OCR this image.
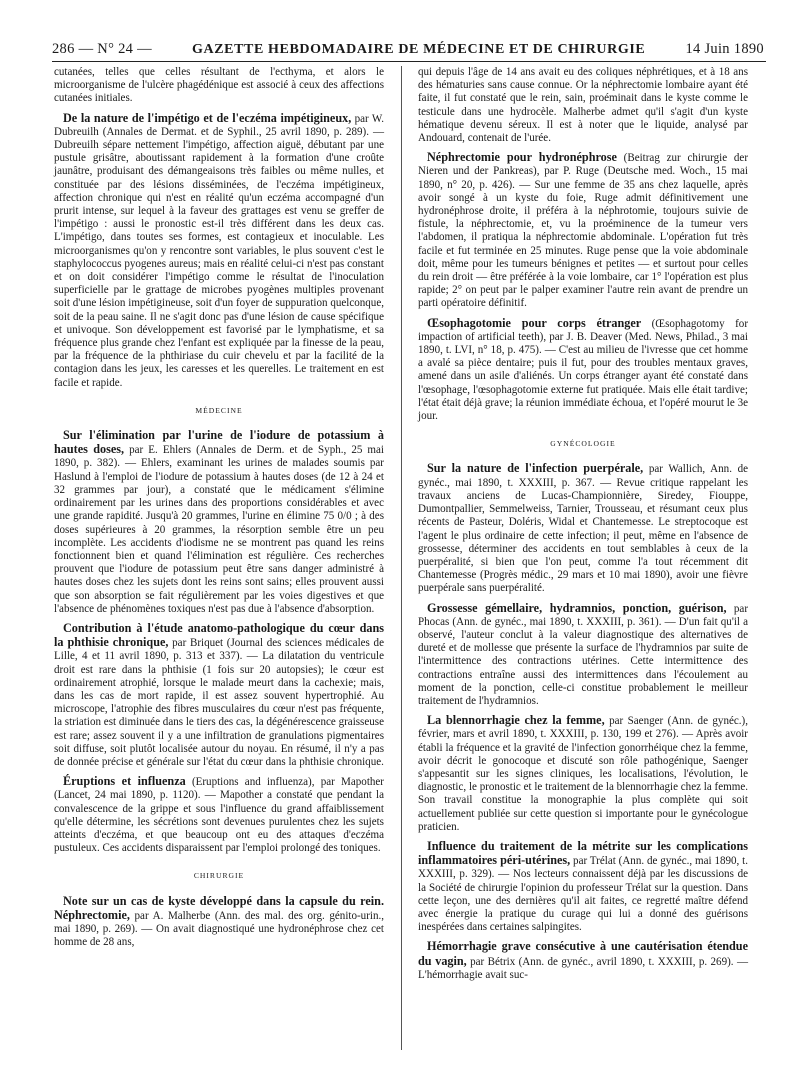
286 — N° 24 —	GAZETTE HEBDOMADAIRE DE MÉDECINE ET DE CHIRURGIE	14 Juin 1890

cutanées, telles que celles résultant de l'ecthyma, et alors le microorganisme de l'ulcère phagédénique est associé à ceux des affections cutanées initiales.

De la nature de l'impétigo et de l'eczéma impétigineux, par W. Dubreuilh (Annales de Dermat. et de Syphil., 25 avril 1890, p. 289). — Dubreuilh sépare nettement l'impétigo, affection aiguë, débutant par une pustule grisâtre, aboutissant rapidement à la formation d'une croûte jaunâtre, produisant des démangeaisons très faibles ou même nulles, et constituée par des lésions disséminées, de l'eczéma impétigineux, affection chronique qui n'est en réalité qu'un eczéma accompagné d'un prurit intense, sur lequel à la faveur des grattages est venu se greffer de l'impétigo : aussi le pronostic est-il très différent dans les deux cas. L'impétigo, dans toutes ses formes, est contagieux et inoculable. Les microorganismes qu'on y rencontre sont variables, le plus souvent c'est le staphylococcus pyogenes aureus; mais en réalité celui-ci n'est pas constant et on doit considérer l'impétigo comme le résultat de l'inoculation superficielle par le grattage de microbes pyogènes multiples provenant soit d'une lésion impétigineuse, soit d'un foyer de suppuration quelconque, soit de la peau saine. Il ne s'agit donc pas d'une lésion de cause spécifique et univoque. Son développement est favorisé par le lymphatisme, et sa fréquence plus grande chez l'enfant est expliquée par la finesse de la peau, par la fréquence de la phthiriase du cuir chevelu et par la facilité de la contagion dans les jeux, les caresses et les querelles. Le traitement en est facile et rapide.

MÉDECINE

Sur l'élimination par l'urine de l'iodure de potassium à hautes doses, par E. Ehlers (Annales de Derm. et de Syph., 25 mai 1890, p. 382). — Ehlers, examinant les urines de malades soumis par Haslund à l'emploi de l'iodure de potassium à hautes doses (de 12 à 24 et 32 grammes par jour), a constaté que le médicament s'élimine ordinairement par les urines dans des proportions considérables et avec une grande rapidité. Jusqu'à 20 grammes, l'urine en élimine 75 0/0 ; à des doses supérieures à 20 grammes, la résorption semble être un peu incomplète. Les accidents d'iodisme ne se montrent pas quand les reins fonctionnent bien et quand l'élimination est régulière. Ces recherches prouvent que l'iodure de potassium peut être sans danger administré à hautes doses chez les sujets dont les reins sont sains; elles prouvent aussi que son absorption se fait régulièrement par les voies digestives et que l'absence de phénomènes toxiques n'est pas due à l'absence d'absorption.

Contribution à l'étude anatomo-pathologique du cœur dans la phthisie chronique, par Briquet (Journal des sciences médicales de Lille, 4 et 11 avril 1890, p. 313 et 337). — La dilatation du ventricule droit est rare dans la phthisie (1 fois sur 20 autopsies); le cœur est ordinairement atrophié, lorsque le malade meurt dans la cachexie; mais, dans les cas de mort rapide, il est assez souvent hypertrophié. Au microscope, l'atrophie des fibres musculaires du cœur n'est pas fréquente, la striation est diminuée dans le tiers des cas, la dégénérescence graisseuse est rare; assez souvent il y a une infiltration de granulations pigmentaires soit diffuse, soit plutôt localisée autour du noyau. En résumé, il n'y a pas de donnée précise et générale sur l'état du cœur dans la phthisie chronique.

Éruptions et influenza (Eruptions and influenza), par Mapother (Lancet, 24 mai 1890, p. 1120). — Mapother a constaté que pendant la convalescence de la grippe et sous l'influence du grand affaiblissement qu'elle détermine, les sécrétions sont devenues purulentes chez les sujets atteints d'eczéma, et que beaucoup ont eu des attaques d'eczéma pustuleux. Ces accidents disparaissent par l'emploi prolongé des toniques.

CHIRURGIE

Note sur un cas de kyste développé dans la capsule du rein. Néphrectomie, par A. Malherbe (Ann. des mal. des org. génito-urin., mai 1890, p. 269). — On avait diagnostiqué une hydronéphrose chez cet homme de 28 ans,

qui depuis l'âge de 14 ans avait eu des coliques néphrétiques, et à 18 ans des hématuries sans cause connue. Or la néphrectomie lombaire ayant été faite, il fut constaté que le rein, sain, proéminait dans le kyste comme le testicule dans une hydrocèle. Malherbe admet qu'il s'agit d'un kyste hématique devenu séreux. Il est à noter que le liquide, analysé par Andouard, contenait de l'urée.

Néphrectomie pour hydronéphrose (Beitrag zur chirurgie der Nieren und der Pankreas), par P. Ruge (Deutsche med. Woch., 15 mai 1890, n° 20, p. 426). — Sur une femme de 35 ans chez laquelle, après avoir songé à un kyste du foie, Ruge admit définitivement une hydronéphrose droite, il préféra à la néphrotomie, toujours suivie de fistule, la néphrectomie, et, vu la proéminence de la tumeur vers l'abdomen, il pratiqua la néphrectomie abdominale. L'opération fut très facile et fut terminée en 25 minutes. Ruge pense que la voie abdominale doit, même pour les tumeurs bénignes et petites — et surtout pour celles du rein droit — être préférée à la voie lombaire, car 1° l'opération est plus rapide; 2° on peut par le palper examiner l'autre rein avant de prendre un parti opératoire définitif.

Œsophagotomie pour corps étranger (Œsophagotomy for impaction of artificial teeth), par J. B. Deaver (Med. News, Philad., 3 mai 1890, t. LVI, n° 18, p. 475). — C'est au milieu de l'ivresse que cet homme a avalé sa pièce dentaire; puis il fut, pour des troubles mentaux graves, amené dans un asile d'aliénés. Un corps étranger ayant été constaté dans l'œsophage, l'œsophagotomie externe fut pratiquée. Mais elle était tardive; l'état était déjà grave; la réunion immédiate échoua, et l'opéré mourut le 3e jour.

GYNÉCOLOGIE

Sur la nature de l'infection puerpérale, par Wallich, Ann. de gynéc., mai 1890, t. XXXIII, p. 367. — Revue critique rappelant les travaux anciens de Lucas-Championnière, Siredey, Fiouppe, Dumontpallier, Semmelweiss, Tarnier, Trousseau, et résumant ceux plus récents de Pasteur, Doléris, Widal et Chantemesse. Le streptocoque est l'agent le plus ordinaire de cette infection; il peut, même en l'absence de grossesse, déterminer des accidents en tout semblables à ceux de la puerpéralité, si bien que l'on peut, comme l'a tout récemment dit Chantemesse (Progrès médic., 29 mars et 10 mai 1890), avoir une fièvre puerpérale sans puerpéralité.

Grossesse gémellaire, hydramnios, ponction, guérison, par Phocas (Ann. de gynéc., mai 1890, t. XXXIII, p. 361). — D'un fait qu'il a observé, l'auteur conclut à la valeur diagnostique des alternatives de dureté et de mollesse que présente la surface de l'hydramnios par suite de l'intermittence des contractions utérines. Cette intermittence des contractions entraîne aussi des intermittences dans l'écoulement au moment de la ponction, celle-ci constitue probablement le meilleur traitement de l'hydramnios.

La blennorrhagie chez la femme, par Saenger (Ann. de gynéc.), février, mars et avril 1890, t. XXXIII, p. 130, 199 et 276). — Après avoir établi la fréquence et la gravité de l'infection gonorrhéique chez la femme, avoir décrit le gonocoque et discuté son rôle pathogénique, Saenger s'appesantit sur les signes cliniques, les localisations, l'évolution, le diagnostic, le pronostic et le traitement de la blennorrhagie chez la femme. Son travail constitue la monographie la plus complète qui soit actuellement publiée sur cette question si importante pour le gynécologue praticien.

Influence du traitement de la métrite sur les complications inflammatoires péri-utérines, par Trélat (Ann. de gynéc., mai 1890, t. XXXIII, p. 329). — Nos lecteurs connaissent déjà par les discussions de la Société de chirurgie l'opinion du professeur Trélat sur la question. Dans cette leçon, une des dernières qu'il ait faites, ce regretté maître défend avec énergie la pratique du curage qui lui a donné des guérisons inespérées dans certaines salpingites.

Hémorrhagie grave consécutive à une cautérisation étendue du vagin, par Bétrix (Ann. de gynéc., avril 1890, t. XXXIII, p. 269). — L'hémorrhagie avait suc-
